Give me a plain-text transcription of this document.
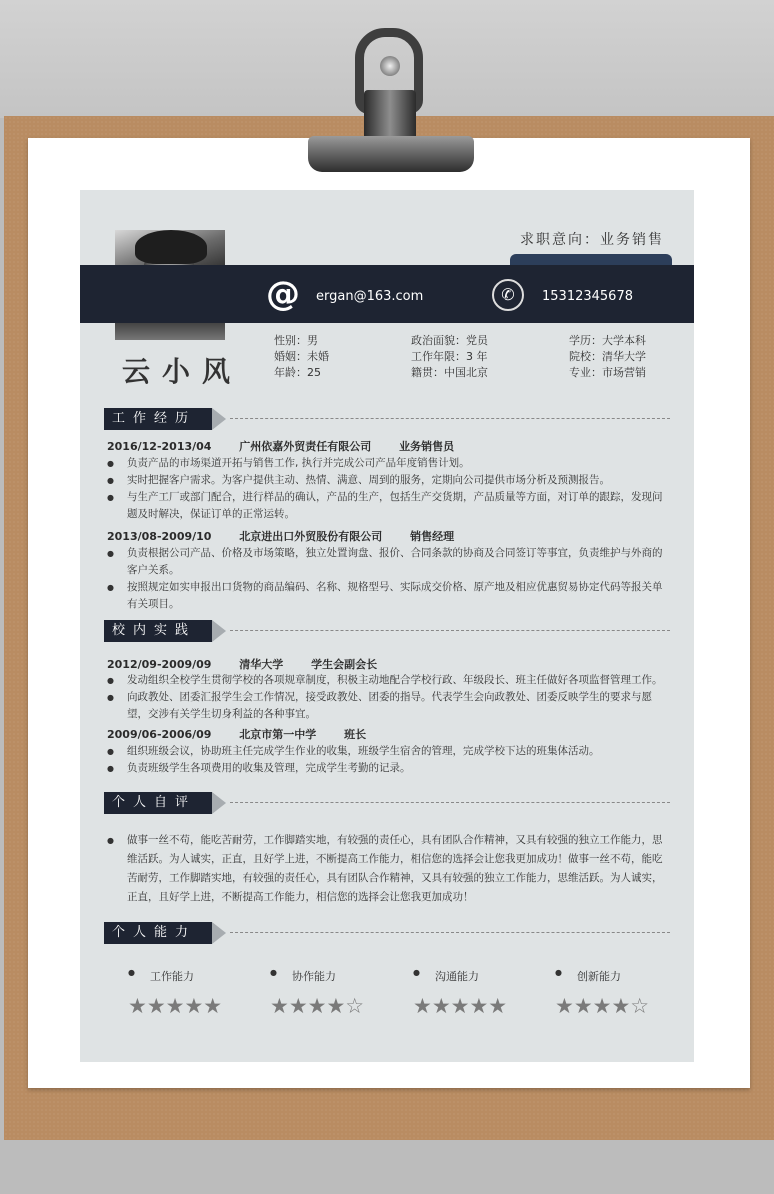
求职意向：业务销售
@ ergan@163.com	✆	15312345678
云小风
性别：男
婚姻：未婚
年龄：25
政治面貌：党员
工作年限：3 年
籍贯：中国北京
学历：大学本科
院校：清华大学
专业：市场营销
工作经历
2016/12-2013/04	广州依嘉外贸责任有限公司	业务销售员
● 负责产品的市场渠道开拓与销售工作, 执行并完成公司产品年度销售计划。
● 实时把握客户需求。为客户提供主动、热情、满意、周到的服务，定期向公司提供市场分析及预测报告。
● 与生产工厂或部门配合，进行样品的确认，产品的生产，包括生产交货期，产品质量等方面，对订单的跟踪，发现问题及时解决，保证订单的正常运转。
2013/08-2009/10	北京进出口外贸股份有限公司	销售经理
● 负责根据公司产品、价格及市场策略，独立处置询盘、报价、合同条款的协商及合同签订等事宜，负责维护与外商的客户关系。
● 按照规定如实申报出口货物的商品编码、名称、规格型号、实际成交价格、原产地及相应优惠贸易协定代码等报关单有关项目。
校内实践
2012/09-2009/09	清华大学	学生会副会长
● 发动组织全校学生贯彻学校的各项规章制度，积极主动地配合学校行政、年级段长、班主任做好各项监督管理工作。
● 向政教处、团委汇报学生会工作情况，接受政教处、团委的指导。代表学生会向政教处、团委反映学生的要求与愿望，交涉有关学生切身利益的各种事宜。
2009/06-2006/09	北京市第一中学	班长
● 组织班级会议，协助班主任完成学生作业的收集，班级学生宿舍的管理，完成学校下达的班集体活动。
● 负责班级学生各项费用的收集及管理，完成学生考勤的记录。
个人自评
● 做事一丝不苟，能吃苦耐劳，工作脚踏实地，有较强的责任心，具有团队合作精神，又具有较强的独立工作能力，思维活跃。为人诚实，正直，且好学上进，不断提高工作能力，相信您的选择会让您我更加成功！做事一丝不苟，能吃苦耐劳，工作脚踏实地，有较强的责任心，具有团队合作精神，又具有较强的独立工作能力，思维活跃。为人诚实，正直，且好学上进，不断提高工作能力，相信您的选择会让您我更加成功！
个人能力
● 工作能力
★★★★★
● 协作能力
★★★★☆
● 沟通能力
★★★★★
● 创新能力
★★★★☆
